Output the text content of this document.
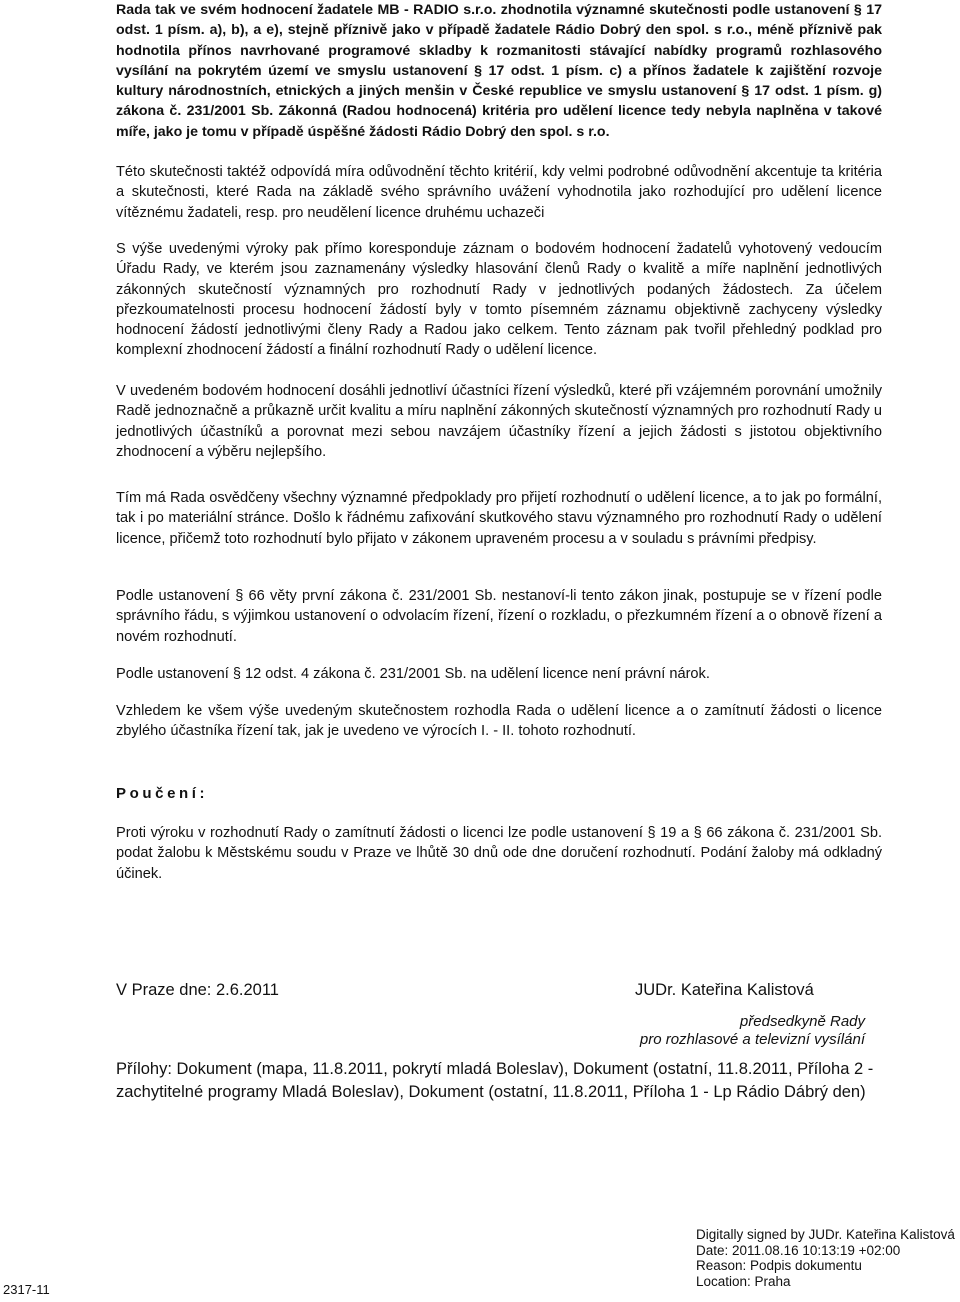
Rada tak ve svém hodnocení žadatele MB - RADIO s.r.o. zhodnotila významné skutečnosti podle ustanovení § 17 odst. 1 písm. a), b), a e), stejně příznivě jako v případě žadatele Rádio Dobrý den spol. s r.o., méně příznivě pak hodnotila přínos navrhované programové skladby k rozmanitosti stávající nabídky programů rozhlasového vysílání na pokrytém území ve smyslu ustanovení § 17 odst. 1 písm. c) a přínos žadatele k zajištění rozvoje kultury národnostních, etnických a jiných menšin v České republice ve smyslu ustanovení § 17 odst. 1 písm. g) zákona č. 231/2001 Sb. Zákonná (Radou hodnocená) kritéria pro udělení licence tedy nebyla naplněna v takové míře, jako je tomu v případě úspěšné žádosti Rádio Dobrý den spol. s r.o.
Této skutečnosti taktéž odpovídá míra odůvodnění těchto kritérií, kdy velmi podrobné odůvodnění akcentuje ta kritéria a skutečnosti, které Rada na základě svého správního uvážení vyhodnotila jako rozhodující pro udělení licence vítěznému žadateli, resp. pro neudělení licence druhému uchazeči
S výše uvedenými výroky pak přímo koresponduje záznam o bodovém hodnocení žadatelů vyhotovený vedoucím Úřadu Rady, ve kterém jsou zaznamenány výsledky hlasování členů Rady o kvalitě a míře naplnění jednotlivých zákonných skutečností významných pro rozhodnutí Rady v jednotlivých podaných žádostech. Za účelem přezkoumatelnosti procesu hodnocení žádostí byly v tomto písemném záznamu objektivně zachyceny výsledky hodnocení žádostí jednotlivými členy Rady a Radou jako celkem. Tento záznam pak tvořil přehledný podklad pro komplexní zhodnocení žádostí a finální rozhodnutí Rady o udělení licence.
V uvedeném bodovém hodnocení dosáhli jednotliví účastníci řízení výsledků, které při vzájemném porovnání umožnily Radě jednoznačně a průkazně určit kvalitu a míru naplnění zákonných skutečností významných pro rozhodnutí Rady u jednotlivých účastníků a porovnat mezi sebou navzájem účastníky řízení a jejich žádosti s jistotou objektivního zhodnocení a výběru nejlepšího.
Tím má Rada osvědčeny všechny významné předpoklady pro přijetí rozhodnutí o udělení licence, a to jak po formální, tak i po materiální stránce. Došlo k řádnému zafixování skutkového stavu významného pro rozhodnutí Rady o udělení licence, přičemž toto rozhodnutí bylo přijato v zákonem upraveném procesu a v souladu s právními předpisy.
Podle ustanovení § 66 věty první zákona č. 231/2001 Sb. nestanoví-li tento zákon jinak, postupuje se v řízení podle správního řádu, s výjimkou ustanovení o odvolacím řízení, řízení o rozkladu, o přezkumném řízení a o obnově řízení a novém rozhodnutí.
Podle ustanovení § 12 odst. 4 zákona č. 231/2001 Sb. na udělení licence není právní nárok.
Vzhledem ke všem výše uvedeným skutečnostem rozhodla Rada o udělení licence a o zamítnutí žádosti o licence zbylého účastníka řízení tak, jak je uvedeno ve výrocích I. - II. tohoto rozhodnutí.
Poučení:
Proti výroku v rozhodnutí Rady o zamítnutí žádosti o licenci lze podle ustanovení § 19 a § 66 zákona č. 231/2001 Sb. podat žalobu k Městskému soudu v Praze ve lhůtě 30 dnů ode dne doručení rozhodnutí. Podání žaloby má odkladný účinek.
V Praze dne: 2.6.2011	JUDr. Kateřina Kalistová
předsedkyně Rady
pro rozhlasové a televizní vysílání
Přílohy: Dokument (mapa, 11.8.2011, pokrytí mladá Boleslav), Dokument (ostatní, 11.8.2011, Příloha 2 - zachytitelné programy Mladá Boleslav), Dokument (ostatní, 11.8.2011, Příloha 1 - Lp Rádio Dábrý den)
Digitally signed by JUDr. Kateřina Kalistová
Date: 2011.08.16 10:13:19 +02:00
Reason: Podpis dokumentu
Location: Praha
2317-11
